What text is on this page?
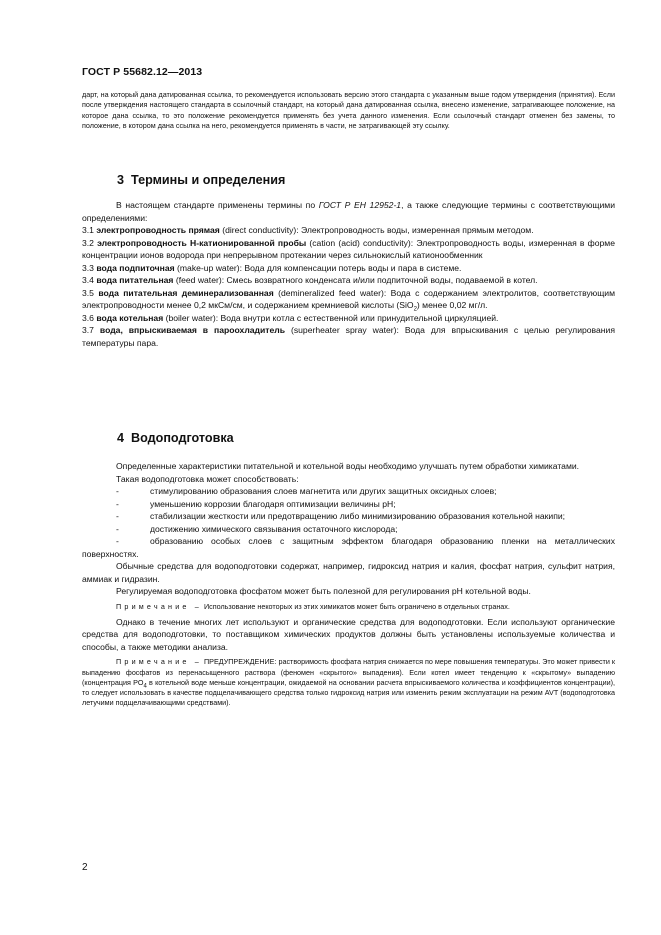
ГОСТ Р 55682.12—2013

дарт, на который дана датированная ссылка, то рекомендуется использовать версию этого стандарта с указанным выше годом утверждения (принятия). Если после утверждения настоящего стандарта в ссылочный стандарт, на который дана датированная ссылка, внесено изменение, затрагивающее положение, на которое дана ссылка, то это положение рекомендуется применять без учета данного изменения. Если ссылочный стандарт отменен без замены, то положение, в котором дана ссылка на него, рекомендуется применять в части, не затрагивающей эту ссылку.

3 Термины и определения

В настоящем стандарте применены термины по ГОСТ Р ЕН 12952-1, а также следующие термины с соответствующими определениями:

3.1 электропроводность прямая (direct conductivity): Электропроводность воды, измеренная прямым методом.

3.2 электропроводность Н-катионированной пробы (cation (acid) conductivity): Электропроводность воды, измеренная в форме концентрации ионов водорода при непрерывном протекании через сильнокислый катионообменник

3.3 вода подпиточная (make-up water): Вода для компенсации потерь воды и пара в системе.

3.4 вода питательная (feed water): Смесь возвратного конденсата и/или подпиточной воды, подаваемой в котел.

3.5 вода питательная деминерализованная (demineralized feed water): Вода с содержанием электролитов, соответствующим электропроводности менее 0,2 мкСм/см, и содержанием кремниевой кислоты (SiO$_2$) менее 0,02 мг/л.

3.6 вода котельная (boiler water): Вода внутри котла с естественной или принудительной циркуляцией.

3.7 вода, впрыскиваемая в пароохладитель (superheater spray water): Вода для впрыскивания с целью регулирования температуры пара.

4 Водоподготовка

Определенные характеристики питательной и котельной воды необходимо улучшать путем обработки химикатами.

Такая водоподготовка может способствовать:

-	стимулированию образования слоев магнетита или других защитных оксидных слоев;

-	уменьшению коррозии благодаря оптимизации величины pH;

-	стабилизации жесткости или предотвращению либо минимизированию образования котельной накипи;

-	достижению химического связывания остаточного кислорода;

-	образованию особых слоев с защитным эффектом благодаря образованию пленки на металлических поверхностях.

Обычные средства для водоподготовки содержат, например, гидроксид натрия и калия, фосфат натрия, сульфит натрия, аммиак и гидразин.

Регулируемая водоподготовка фосфатом может быть полезной для регулирования pH котельной воды.

Примечание – Использование некоторых из этих химикатов может быть ограничено в отдельных странах.

Однако в течение многих лет используют и органические средства для водоподготовки. Если используют органические средства для водоподготовки, то поставщиком химических продуктов должны быть установлены используемые количества и способы, а также методики анализа.

Примечание – ПРЕДУПРЕЖДЕНИЕ: растворимость фосфата натрия снижается по мере повышения температуры. Это может привести к выпадению фосфатов из перенасыщенного раствора (феномен «скрытого» выпадения). Если котел имеет тенденцию к «скрытому» выпадению (концентрация $PO_4$ в котельной воде меньше концентрации, ожидаемой на основании расчета впрыскиваемого количества и коэффициентов концентрации), то следует использовать в качестве подщелачивающего средства только гидроксид натрия или изменить режим эксплуатации на режим AVT (водоподготовка летучими подщелачивающими средствами).

2
